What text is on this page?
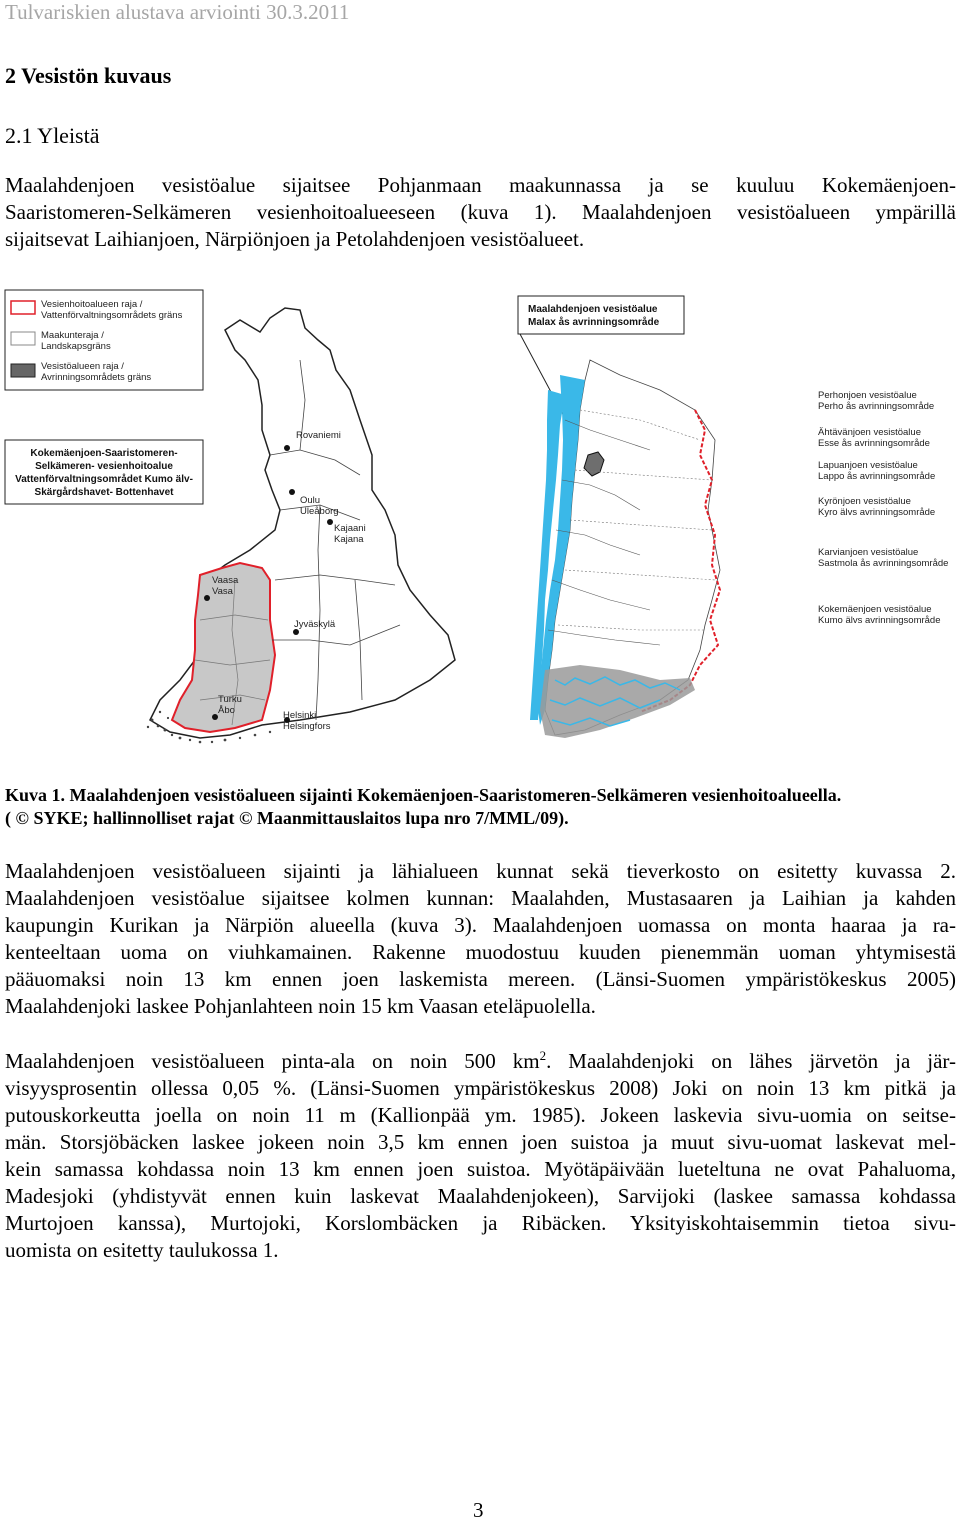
Tulvariskien alustava arviointi 30.3.2011
2 Vesistön kuvaus
2.1 Yleistä
Maalahdenjoen vesistöalue sijaitsee Pohjanmaan maakunnassa ja se kuuluu Kokemäenjoen-
Saaristomeren-Selkämeren vesienhoitoalueeseen (kuva 1). Maalahdenjoen vesistöalueen ympärillä
sijaitsevat Laihianjoen, Närpiönjoen ja Petolahdenjoen vesistöalueet.
Vesienhoitoalueen raja /
Vattenförvaltningsområdets gräns
Maakunteraja /
Landskapsgräns
Vesistöalueen raja /
Avrinningsområdets gräns
Kokemäenjoen-Saaristomeren-
Selkämeren- vesienhoitoalue
Vattenförvaltningsområdet Kumo älv-
Skärgårdshavet- Bottenhavet
Rovaniemi
Oulu
Uleåborg
Kajaani
Kajana
Vaasa
Vasa
Jyväskylä
Turku
Åbo	Helsinki
Helsingfors
Maalahdenjoen vesistöalue
Malax ås avrinningsområde
Perhonjoen vesistöalue
Perho ås avrinningsområde
Ähtävänjoen vesistöalue
Esse ås avrinningsområde
Lapuanjoen vesistöalue
Lappo ås avrinningsområde
Kyrönjoen vesistöalue
Kyro älvs avrinningsområde
Karvianjoen vesistöalue
Sastmola ås avrinningsområde
Kokemäenjoen vesistöalue
Kumo älvs avrinningsområde
Kuva 1. Maalahdenjoen vesistöalueen sijainti Kokemäenjoen-Saaristomeren-Selkämeren vesienhoitoalueella.
( © SYKE; hallinnolliset rajat © Maanmittauslaitos lupa nro 7/MML/09).
Maalahdenjoen vesistöalueen sijainti ja lähialueen kunnat sekä tieverkosto on esitetty kuvassa 2.
Maalahdenjoen vesistöalue sijaitsee kolmen kunnan: Maalahden, Mustasaaren ja Laihian ja kahden
kaupungin Kurikan ja Närpiön alueella (kuva 3). Maalahdenjoen uomassa on monta haaraa ja ra-
kenteeltaan uoma on viuhkamainen. Rakenne muodostuu kuuden pienemmän uoman yhtymisestä
pääuomaksi noin 13 km ennen joen laskemista mereen. (Länsi-Suomen ympäristökeskus 2005)
Maalahdenjoki laskee Pohjanlahteen noin 15 km Vaasan eteläpuolella.
Maalahdenjoen vesistöalueen pinta-ala on noin 500 $km^2$. Maalahdenjoki on lähes järvetön ja jär-
visyysprosentin ollessa 0,05 %. (Länsi-Suomen ympäristökeskus 2008) Joki on noin 13 km pitkä ja
putouskorkeutta joella on noin 11 m (Kallionpää ym. 1985). Jokeen laskevia sivu-uomia on seitse-
män. Storsjöbäcken laskee jokeen noin 3,5 km ennen joen suistoa ja muut sivu-uomat laskevat mel-
kein samassa kohdassa noin 13 km ennen joen suistoa. Myötäpäivään lueteltuna ne ovat Pahaluoma,
Madesjoki (yhdistyvät ennen kuin laskevat Maalahdenjokeen), Sarvijoki (laskee samassa kohdassa
Murtojoen kanssa), Murtojoki, Korslombäcken ja Ribäcken. Yksityiskohtaisemmin tietoa sivu-
uomista on esitetty taulukossa 1.
3
